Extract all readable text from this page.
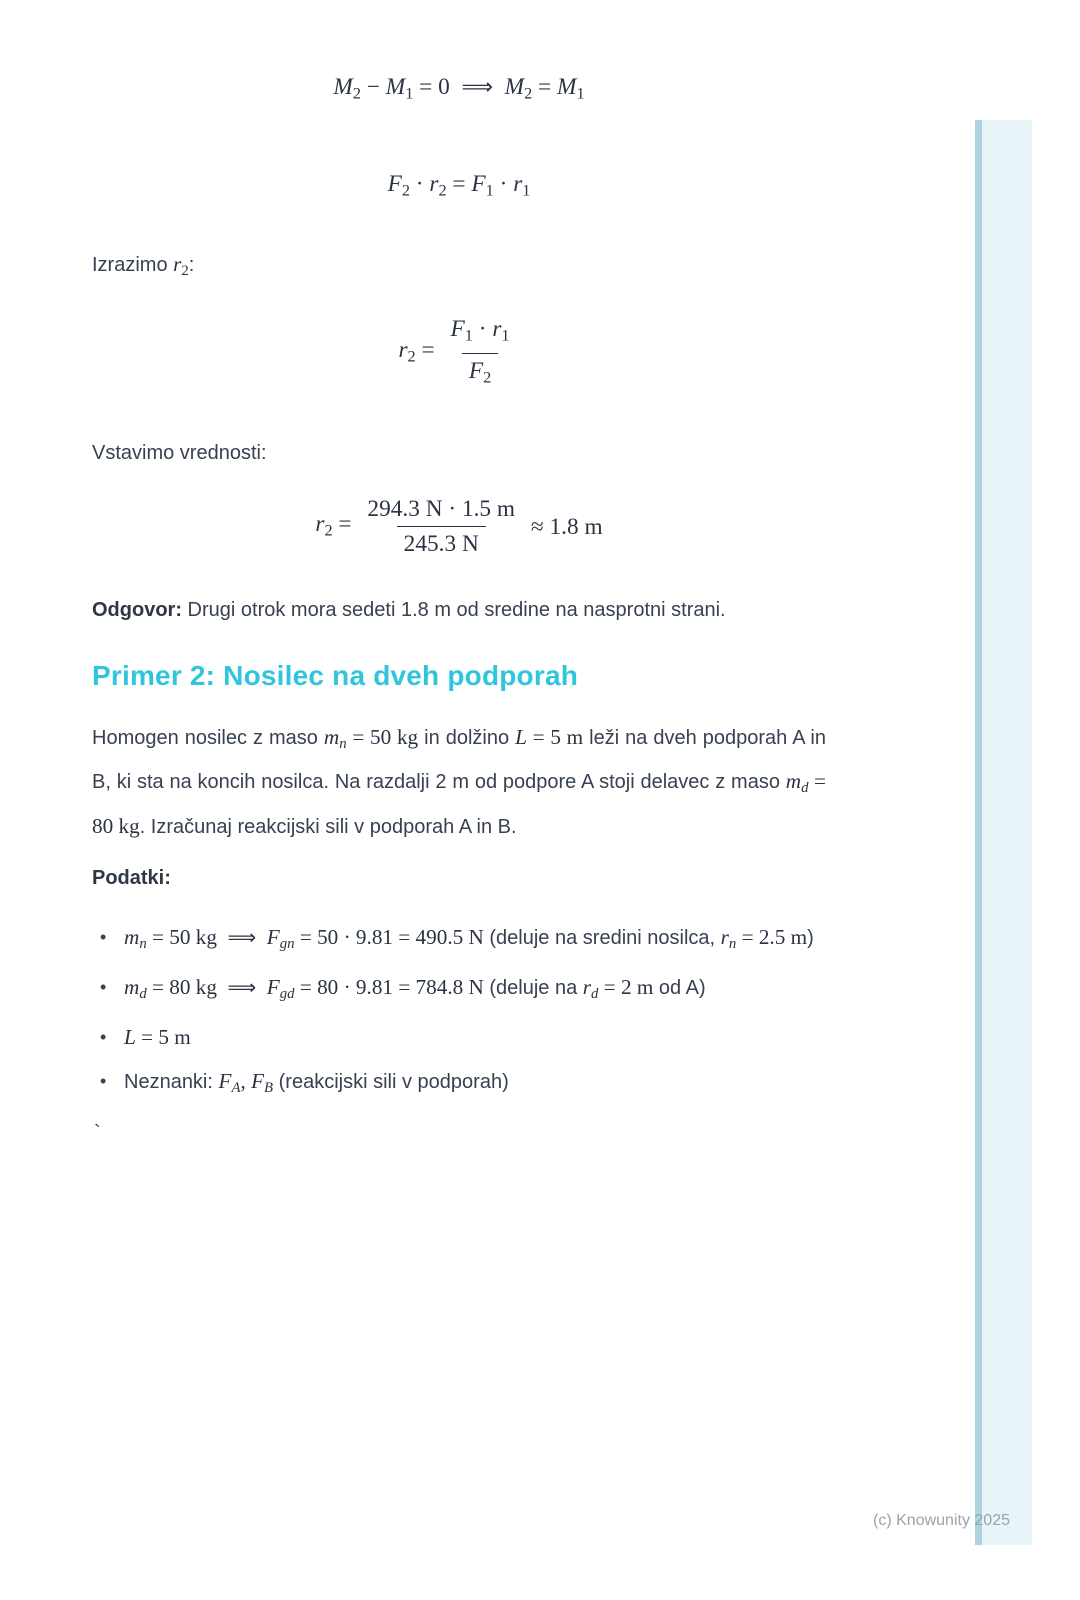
$M_2 - M_1 = 0$  ⟹ $M_2 = M_1$
$F_2 \cdot r_2 = F_1 \cdot r_1$

Izrazimo $r_2$:

$r_2 = \frac{F_1 \cdot r_1}{F_2}$

Vstavimo vrednosti:

$r_2 = \frac{294.3 N \cdot 1.5 m}{245.3 N} \approx 1.8$ m

Odgovor: Drugi otrok mora sedeti 1.8 m od sredine na nasprotni strani.

Primer 2: Nosilec na dveh podporah

Homogen nosilec z maso $m_n = 50$ kg in dolžino L = 5 m leži na dveh podporah A in B, ki sta na koncih nosilca. Na razdalji 2 m od podpore A stoji delavec z maso $m_d = 80$ kg. Izračunaj reakcijski sili v podporah A in B.

Podatki:

• $m_n = 50$ kg  ⟹ $F_{gn} = 50 \cdot 9.81 = 490.5$ N (deluje na sredini nosilca, $r_n = 2.5$ m)
• $m_d = 80$ kg  ⟹ $F_{gd} = 80 \cdot 9.81 = 784.8$ N (deluje na $r_d = 2$ m od A)
• L = 5 m
• Neznanki: $F_A$, $F_B$ (reakcijski sili v podporah)
`
(c) Knowunity 2025
